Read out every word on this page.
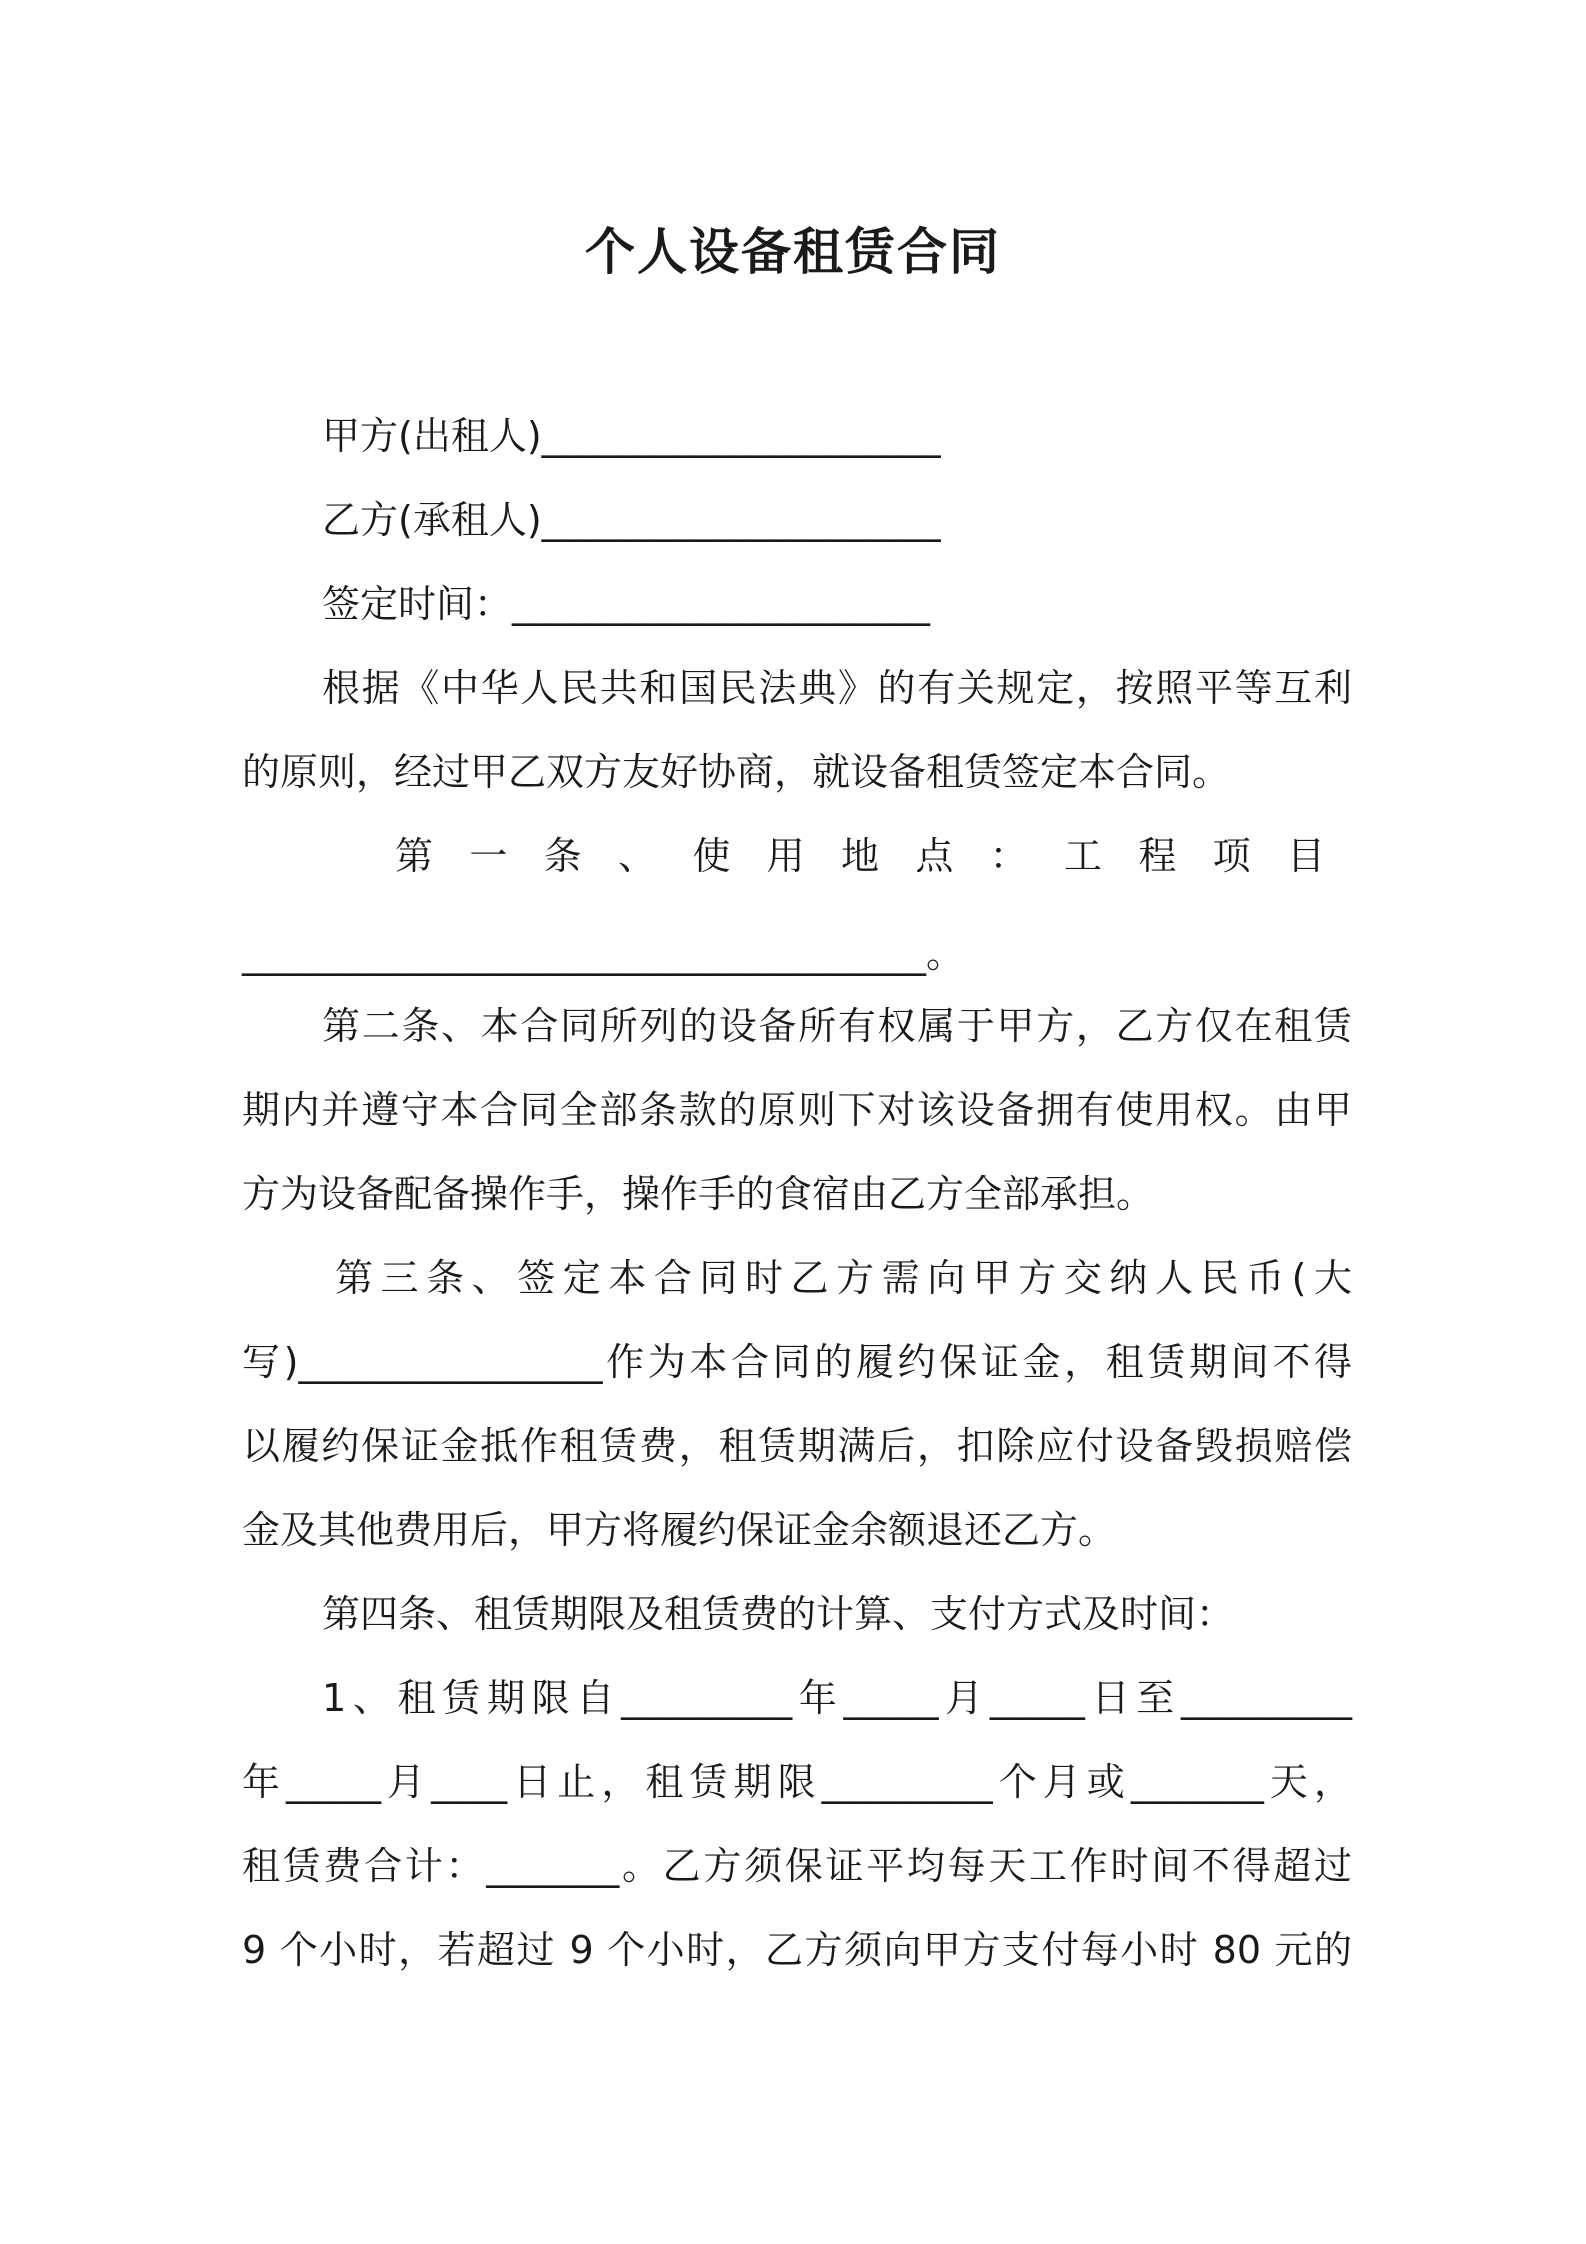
个人设备租赁合同
甲方(出租人)_____________________
乙方(承租人)_____________________
签定时间：______________________
根据《中华人民共和国民法典》的有关规定，按照平等互利
的原则，经过甲乙双方友好协商，就设备租赁签定本合同。
第一条、使用地点：工程项目
____________________________________。
第二条、本合同所列的设备所有权属于甲方，乙方仅在租赁
期内并遵守本合同全部条款的原则下对该设备拥有使用权。由甲
方为设备配备操作手，操作手的食宿由乙方全部承担。
第三条、签定本合同时乙方需向甲方交纳人民币(大
写)________________作为本合同的履约保证金，租赁期间不得
以履约保证金抵作租赁费，租赁期满后，扣除应付设备毁损赔偿
金及其他费用后，甲方将履约保证金余额退还乙方。
第四条、租赁期限及租赁费的计算、支付方式及时间：
1、租赁期限自_________年_____月_____日至_________
年_____月____日止，租赁期限_________个月或_______天，
租赁费合计：_______。乙方须保证平均每天工作时间不得超过
9 个小时，若超过 9 个小时，乙方须向甲方支付每小时 80 元的
